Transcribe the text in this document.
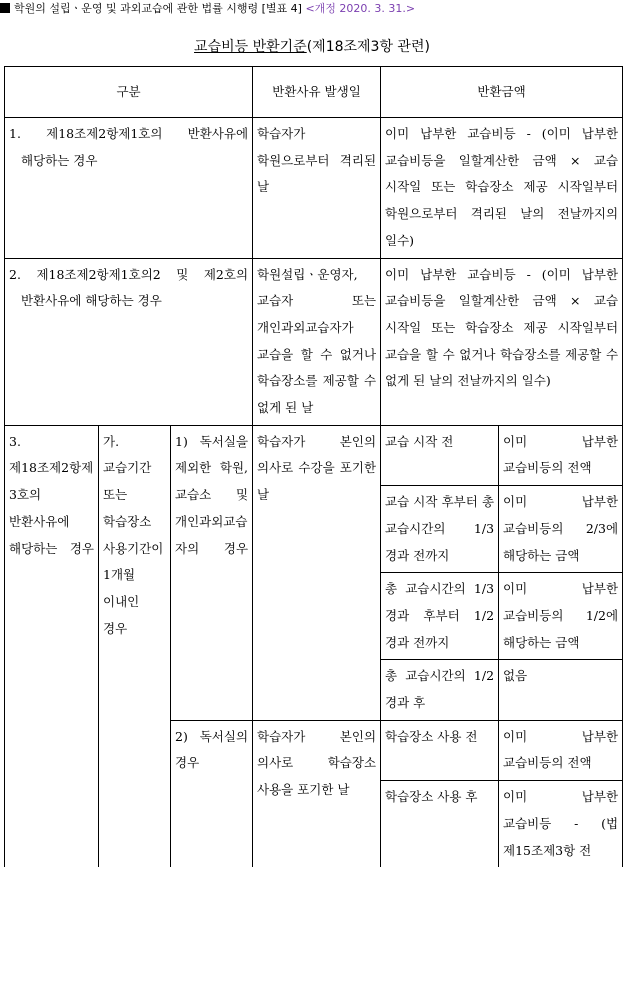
학원의 설립ㆍ운영 및 과외교습에 관한 법률 시행령 [별표 4] <개정 2020. 3. 31.>
교습비등 반환기준(제18조제3항 관련)
구분			반환사유 발생일	반환금액	
1. 제18조제2항제1호의 반환사유에 해당하는 경우			학습자가 학원으로부터 격리된 날	이미 납부한 교습비등 - (이미 납부한 교습비등을 일할계산한 금액 × 교습 시작일 또는 학습장소 제공 시작일부터 학원으로부터 격리된 날의 전날까지의 일수)	
2. 제18조제2항제1호의2 및 제2호의 반환사유에 해당하는 경우			학원설립ㆍ운영자, 교습자 또는 개인과외교습자가 교습을 할 수 없거나 학습장소를 제공할 수 없게 된 날	이미 납부한 교습비등 - (이미 납부한 교습비등을 일할계산한 금액 × 교습 시작일 또는 학습장소 제공 시작일부터 교습을 할 수 없거나 학습장소를 제공할 수 없게 된 날의 전날까지의 일수)	
3. 제18조제2항제3호의 반환사유에 해당하는 경우	가. 교습기간 또는 학습장소 사용기간이 1개월 이내인 경우	1) 독서실을 제외한 학원, 교습소 및 개인과외교습자의 경우	학습자가 본인의 의사로 수강을 포기한 날	교습 시작 전	이미 납부한 교습비등의 전액
				교습 시작 후부터 총 교습시간의 1/3 경과 전까지	이미 납부한 교습비등의 2/3에 해당하는 금액
				총 교습시간의 1/3 경과 후부터 1/2 경과 전까지	이미 납부한 교습비등의 1/2에 해당하는 금액
				총 교습시간의 1/2 경과 후	없음
		2) 독서실의 경우	학습자가 본인의 의사로 학습장소 사용을 포기한 날	학습장소 사용 전	이미 납부한 교습비등의 전액
				학습장소 사용 후	이미 납부한 교습비등 - (법 제15조제3항 전
